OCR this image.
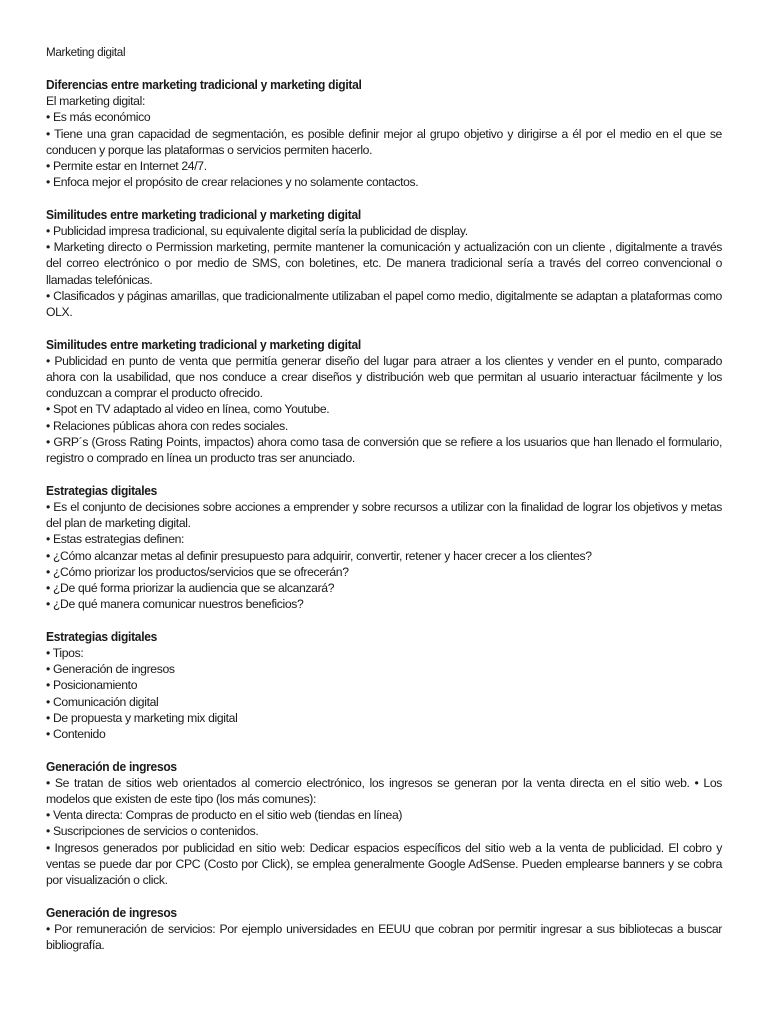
Marketing digital

Diferencias entre marketing tradicional y marketing digital

El marketing digital:

• Es más económico

• Tiene una gran capacidad de segmentación, es posible definir mejor al grupo objetivo y dirigirse a él por el medio en el que se conducen y porque las plataformas o servicios permiten hacerlo.

• Permite estar en Internet 24/7.

• Enfoca mejor el propósito de crear relaciones y no solamente contactos.

Similitudes entre marketing tradicional y marketing digital

• Publicidad impresa tradicional, su equivalente digital sería la publicidad de display.

• Marketing directo o Permission marketing, permite mantener la comunicación y actualización con un cliente , digitalmente a través del correo electrónico o por medio de SMS, con boletines, etc. De manera tradicional sería a través del correo convencional o llamadas telefónicas.

• Clasificados y páginas amarillas, que tradicionalmente utilizaban el papel como medio, digitalmente se adaptan a plataformas como OLX.

Similitudes entre marketing tradicional y marketing digital

• Publicidad en punto de venta que permitía generar diseño del lugar para atraer a los clientes y vender en el punto, comparado ahora con la usabilidad, que nos conduce a crear diseños y distribución web que permitan al usuario interactuar fácilmente y los conduzcan a comprar el producto ofrecido.

• Spot en TV adaptado al video en línea, como Youtube.

• Relaciones públicas ahora con redes sociales.

• GRP´s (Gross Rating Points, impactos) ahora como tasa de conversión que se refiere a los usuarios que han llenado el formulario, registro o comprado en línea un producto tras ser anunciado.

Estrategias digitales

• Es el conjunto de decisiones sobre acciones a emprender y sobre recursos a utilizar con la finalidad de lograr los objetivos y metas del plan de marketing digital.

• Estas estrategias definen:

• ¿Cómo alcanzar metas al definir presupuesto para adquirir, convertir, retener y hacer crecer a los clientes?

• ¿Cómo priorizar los productos/servicios que se ofrecerán?

• ¿De qué forma priorizar la audiencia que se alcanzará?

• ¿De qué manera comunicar nuestros beneficios?

Estrategias digitales

• Tipos:

• Generación de ingresos

• Posicionamiento

• Comunicación digital

• De propuesta y marketing mix digital

• Contenido

Generación de ingresos

• Se tratan de sitios web orientados al comercio electrónico, los ingresos se generan por la venta directa en el sitio web. • Los modelos que existen de este tipo (los más comunes):

• Venta directa: Compras de producto en el sitio web (tiendas en línea)

• Suscripciones de servicios o contenidos.

• Ingresos generados por publicidad en sitio web: Dedicar espacios específicos del sitio web a la venta de publicidad. El cobro y ventas se puede dar por CPC (Costo por Click), se emplea generalmente Google AdSense. Pueden emplearse banners y se cobra por visualización o click.

Generación de ingresos

• Por remuneración de servicios: Por ejemplo universidades en EEUU que cobran por permitir ingresar a sus bibliotecas a buscar bibliografía.
